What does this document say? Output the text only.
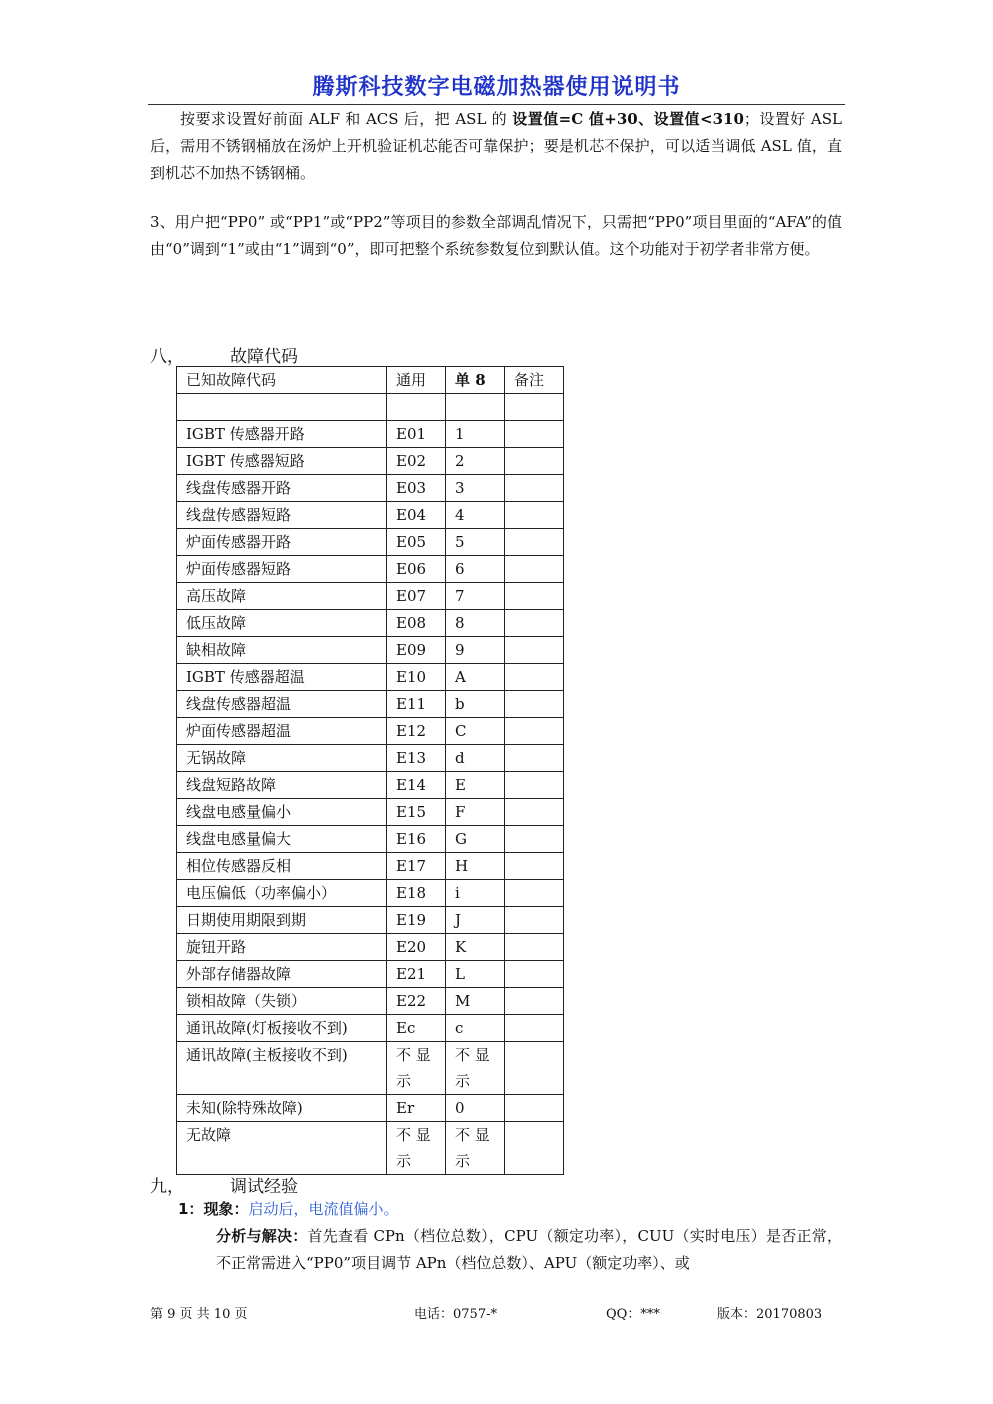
腾斯科技数字电磁加热器使用说明书
按要求设置好前面 ALF 和 ACS 后，把 ASL 的 设置值=C 值+30、设置值<310；设置好 ASL 后，需用不锈钢桶放在汤炉上开机验证机芯能否可靠保护；要是机芯不保护，可以适当调低 ASL 值，直到机芯不加热不锈钢桶。
3、用户把“PP0” 或“PP1”或“PP2”等项目的参数全部调乱情况下，只需把“PP0”项目里面的“AFA”的值由“0”调到“1”或由“1”调到“0”，即可把整个系统参数复位到默认值。这个功能对于初学者非常方便。
八，	故障代码
已知故障代码	通用	单 8	备注

IGBT 传感器开路	E01	1	
IGBT 传感器短路	E02	2	
线盘传感器开路	E03	3	
线盘传感器短路	E04	4	
炉面传感器开路	E05	5	
炉面传感器短路	E06	6	
高压故障	E07	7	
低压故障	E08	8	
缺相故障	E09	9	
IGBT 传感器超温	E10	A	
线盘传感器超温	E11	b	
炉面传感器超温	E12	C	
无锅故障	E13	d	
线盘短路故障	E14	E	
线盘电感量偏小	E15	F	
线盘电感量偏大	E16	G	
相位传感器反相	E17	H	
电压偏低（功率偏小）	E18	i	
日期使用期限到期	E19	J	
旋钮开路	E20	K	
外部存储器故障	E21	L	
锁相故障（失锁）	E22	M	
通讯故障(灯板接收不到)	Ec	c	
通讯故障(主板接收不到)	不 显 示	不 显 示	
未知(除特殊故障)	Er	0	
无故障	不 显 示	不 显 示	
九，	调试经验
1：现象：启动后，电流值偏小。
分析与解决：首先查看 CPn（档位总数），CPU（额定功率），CUU（实时电压）是否正常，不正常需进入“PP0”项目调节 APn（档位总数）、APU（额定功率）、或
第 9 页 共 10 页	电话：0757-*	QQ：***	版本：20170803
